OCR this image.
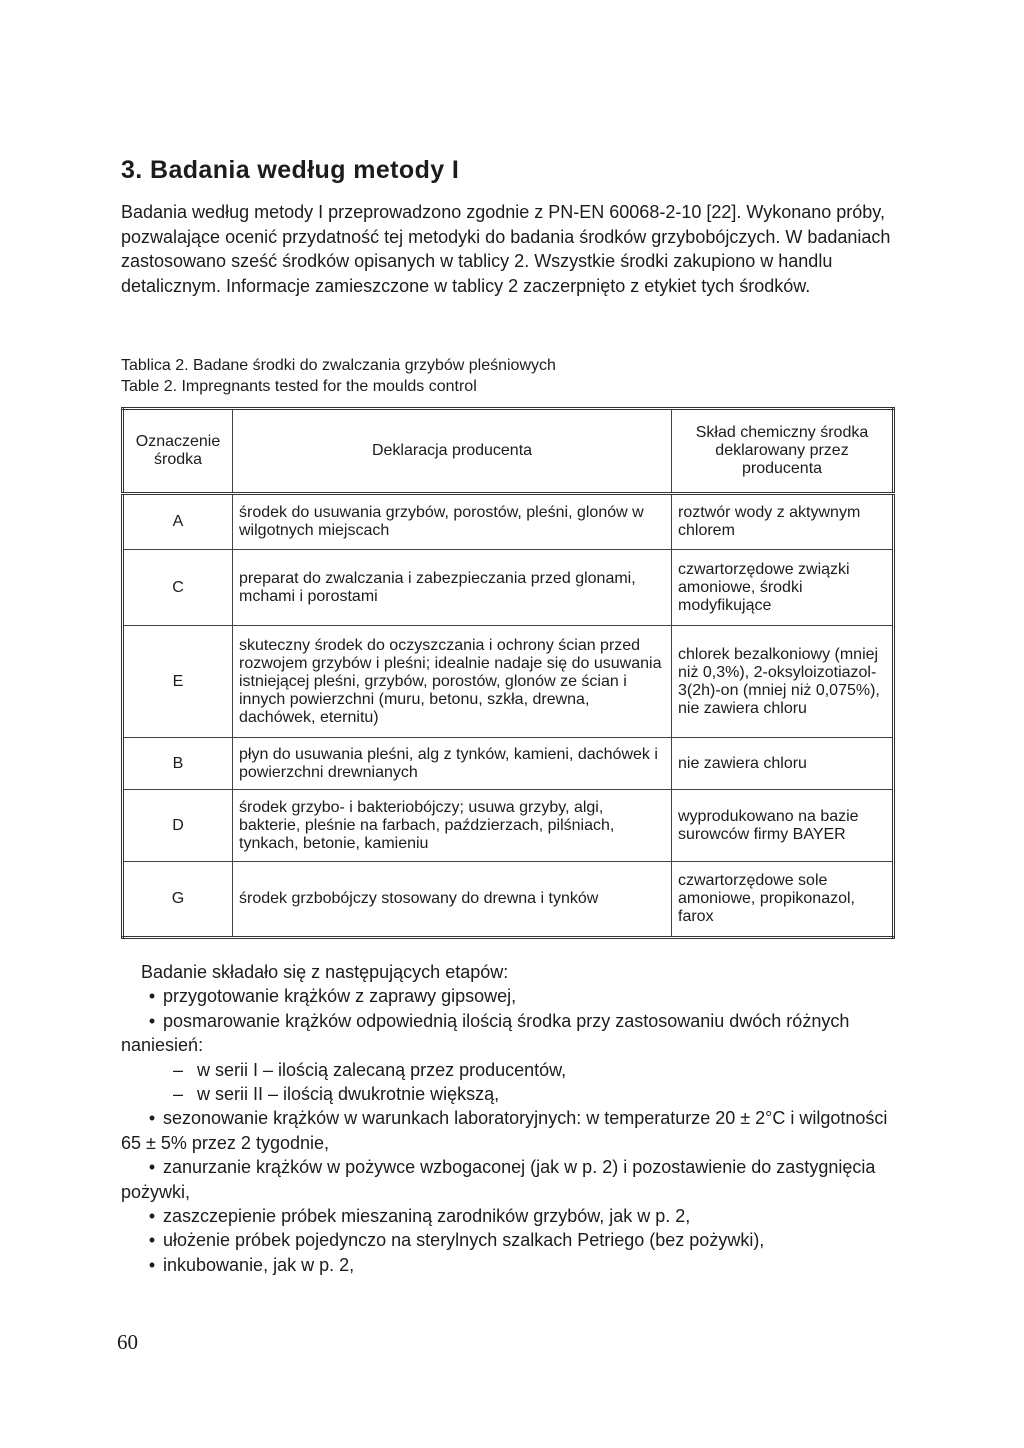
3. Badania według metody I

Badania według metody I przeprowadzono zgodnie z PN-EN 60068-2-10 [22]. Wykonano próby, pozwalające ocenić przydatność tej metodyki do badania środków grzybobójczych. W badaniach zastosowano sześć środków opisanych w tablicy 2. Wszystkie środki zakupiono w handlu detalicznym. Informacje zamieszczone w tablicy 2 zaczerpnięto z etykiet tych środków.

Tablica 2. Badane środki do zwalczania grzybów pleśniowych
Table 2. Impregnants tested for the moulds control
Oznaczenie środka	Deklaracja producenta	Skład chemiczny środka deklarowany przez producenta
A	środek do usuwania grzybów, porostów, pleśni, glonów w wilgotnych miejscach	roztwór wody z aktywnym chlorem
C	preparat do zwalczania i zabezpieczania przed glonami, mchami i porostami	czwartorzędowe związki amoniowe, środki modyfikujące
E	skuteczny środek do oczyszczania i ochrony ścian przed rozwojem grzybów i pleśni; idealnie nadaje się do usuwania istniejącej pleśni, grzybów, porostów, glonów ze ścian i innych powierzchni (muru, betonu, szkła, drewna, dachówek, eternitu)	chlorek bezalkoniowy (mniej niż 0,3%), 2-oksyloizotiazol-3(2h)-on (mniej niż 0,075%), nie zawiera chloru
B	płyn do usuwania pleśni, alg z tynków, kamieni, dachówek i powierzchni drewnianych	nie zawiera chloru
D	środek grzybo- i bakteriobójczy; usuwa grzyby, algi, bakterie, pleśnie na farbach, paździerzach, pilśniach, tynkach, betonie, kamieniu	wyprodukowano na bazie surowców firmy BAYER
G	środek grzbobójczy stosowany do drewna i tynków	czwartorzędowe sole amoniowe, propikonazol, farox

Badanie składało się z następujących etapów:

• przygotowanie krążków z zaprawy gipsowej,

• posmarowanie krążków odpowiednią ilością środka przy zastosowaniu dwóch różnych naniesień:

– w serii I – ilością zalecaną przez producentów,

– w serii II – ilością dwukrotnie większą,

• sezonowanie krążków w warunkach laboratoryjnych: w temperaturze 20 ± 2°C i wilgotności 65 ± 5% przez 2 tygodnie,

• zanurzanie krążków w pożywce wzbogaconej (jak w p. 2) i pozostawienie do zastygnięcia pożywki,

• zaszczepienie próbek mieszaniną zarodników grzybów, jak w p. 2,

• ułożenie próbek pojedynczo na sterylnych szalkach Petriego (bez pożywki),

• inkubowanie, jak w p. 2,

60
